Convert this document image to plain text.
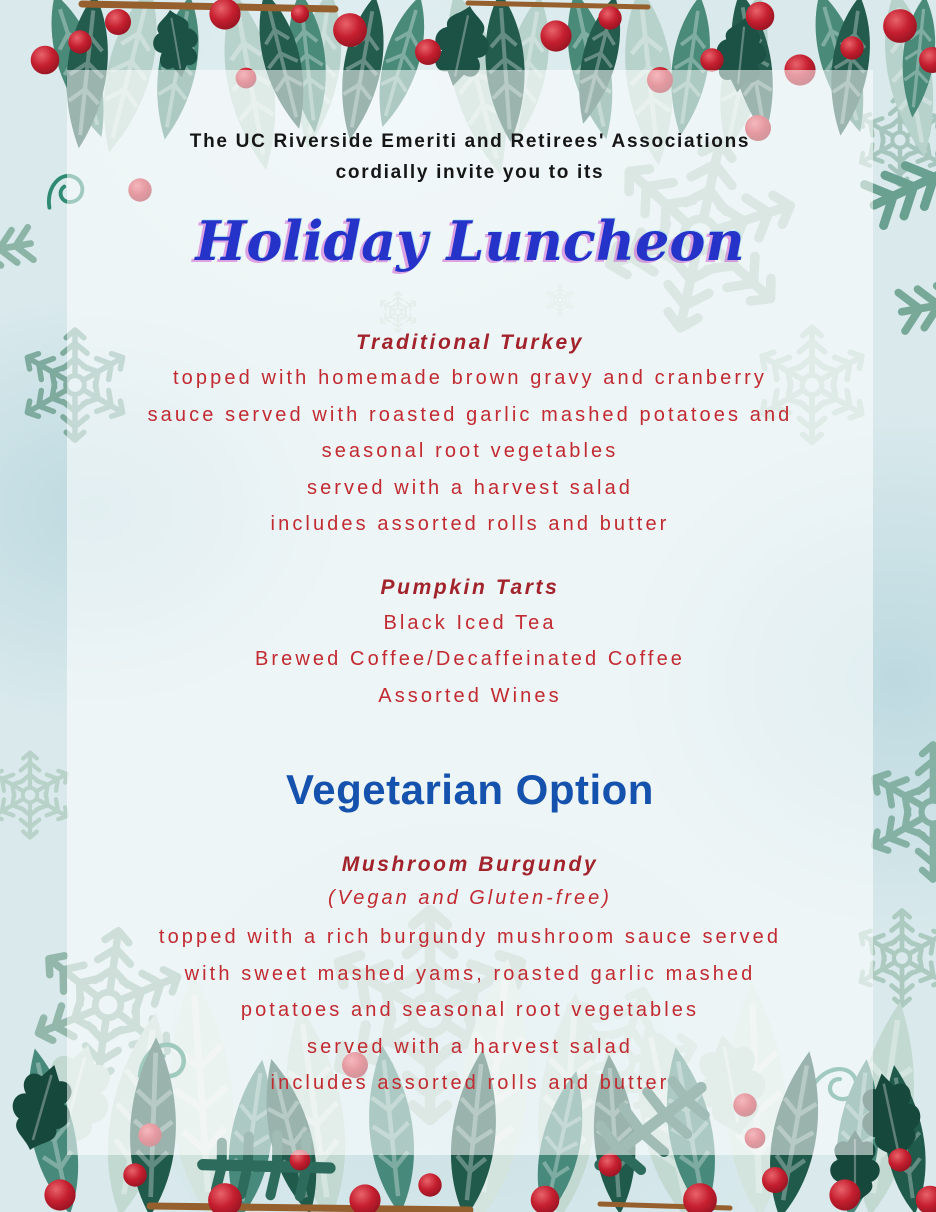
The UC Riverside Emeriti and Retirees' Associations
cordially invite you to its
Holiday Luncheon
Traditional Turkey
topped with homemade brown gravy and cranberry
sauce served with roasted garlic mashed potatoes and
seasonal root vegetables
served with a harvest salad
includes assorted rolls and butter
Pumpkin Tarts
Black Iced Tea
Brewed Coffee/Decaffeinated Coffee
Assorted Wines
Vegetarian Option
Mushroom Burgundy
(Vegan and Gluten-free)
topped with a rich burgundy mushroom sauce served
with sweet mashed yams, roasted garlic mashed
potatoes and seasonal root vegetables
served with a harvest salad
includes assorted rolls and butter
